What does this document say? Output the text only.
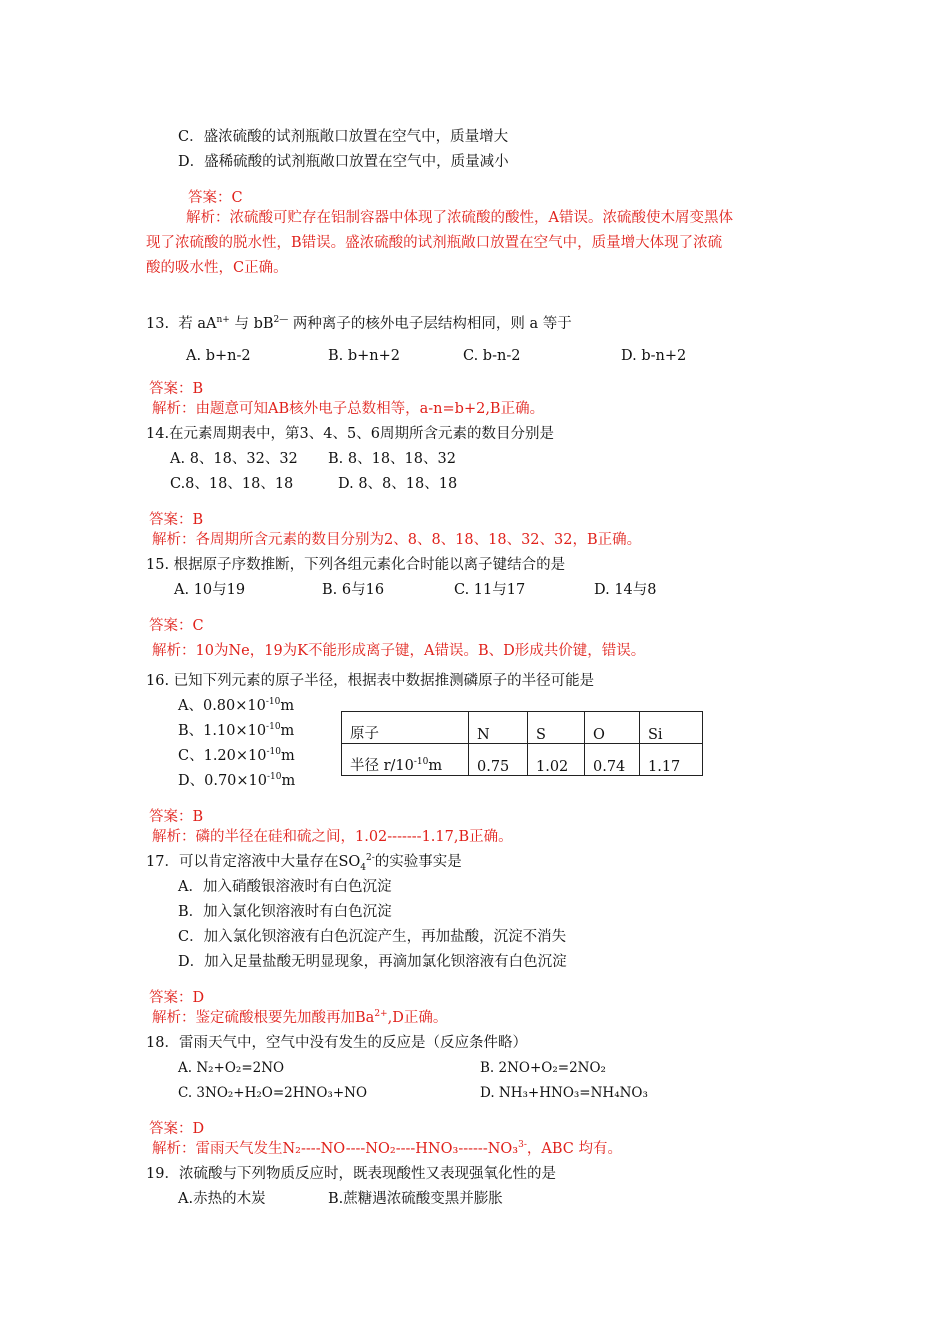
C．盛浓硫酸的试剂瓶敞口放置在空气中，质量增大
D．盛稀硫酸的试剂瓶敞口放置在空气中，质量减小
答案：C
解析：浓硫酸可贮存在铝制容器中体现了浓硫酸的酸性，A错误。浓硫酸使木屑变黑体
现了浓硫酸的脱水性，B错误。盛浓硫酸的试剂瓶敞口放置在空气中，质量增大体现了浓硫
酸的吸水性，C正确。
13. 若 $aA^{n+}$ 与 $bB^{2—}$ 两种离子的核外电子层结构相同，则 a 等于
A. b+n-2	B. b+n+2	C. b-n-2	D. b-n+2
答案：B
解析：由题意可知AB核外电子总数相等，a-n=b+2,B正确。
14.在元素周期表中，第3、4、5、6周期所含元素的数目分别是
A. 8、18、32、32 B. 8、18、18、32
C.8、18、18、18	D. 8、8、18、18
答案：B
解析：各周期所含元素的数目分别为2、8、8、18、18、32、32，B正确。
15. 根据原子序数推断，下列各组元素化合时能以离子键结合的是
A. 10与19	B. 6与16	C. 11与17	D. 14与8
答案：C
解析：10为Ne，19为K不能形成离子键，A错误。B、D形成共价键，错误。
16. 已知下列元素的原子半径，根据表中数据推测磷原子的半径可能是
A、$0.80\times 10^{-10}m$
B、$1.10\times 10^{-10}m$
C、$1.20\times 10^{-10}m$
D、$0.70\times 10^{-10}m$
原子	N	S	O	Si
半径 $r/10^{-10}m$	0.75	1.02	0.74	1.17
答案：B
解析：磷的半径在硅和硫之间，1.02-------1.17,B正确。
17．可以肯定溶液中大量存在$SO_4^{2-}$的实验事实是
A．加入硝酸银溶液时有白色沉淀
B．加入氯化钡溶液时有白色沉淀
C．加入氯化钡溶液有白色沉淀产生，再加盐酸，沉淀不消失
D．加入足量盐酸无明显现象，再滴加氯化钡溶液有白色沉淀
答案：D
解析：鉴定硫酸根要先加酸再加$Ba^{2+},D$正确。
18．雷雨天气中，空气中没有发生的反应是（反应条件略）
A. N₂+O₂=2NO	B. 2NO+O₂=2NO₂
C. 3NO₂+H₂O=2HNO₃+NO	D. NH₃+HNO₃=NH₄NO₃
答案：D
解析：雷雨天气发生N₂----NO----NO₂----HNO₃------NO₃$^{3-}$，ABC 均有。
19．浓硫酸与下列物质反应时，既表现酸性又表现强氧化性的是
A.赤热的木炭	B.蔗糖遇浓硫酸变黑并膨胀
